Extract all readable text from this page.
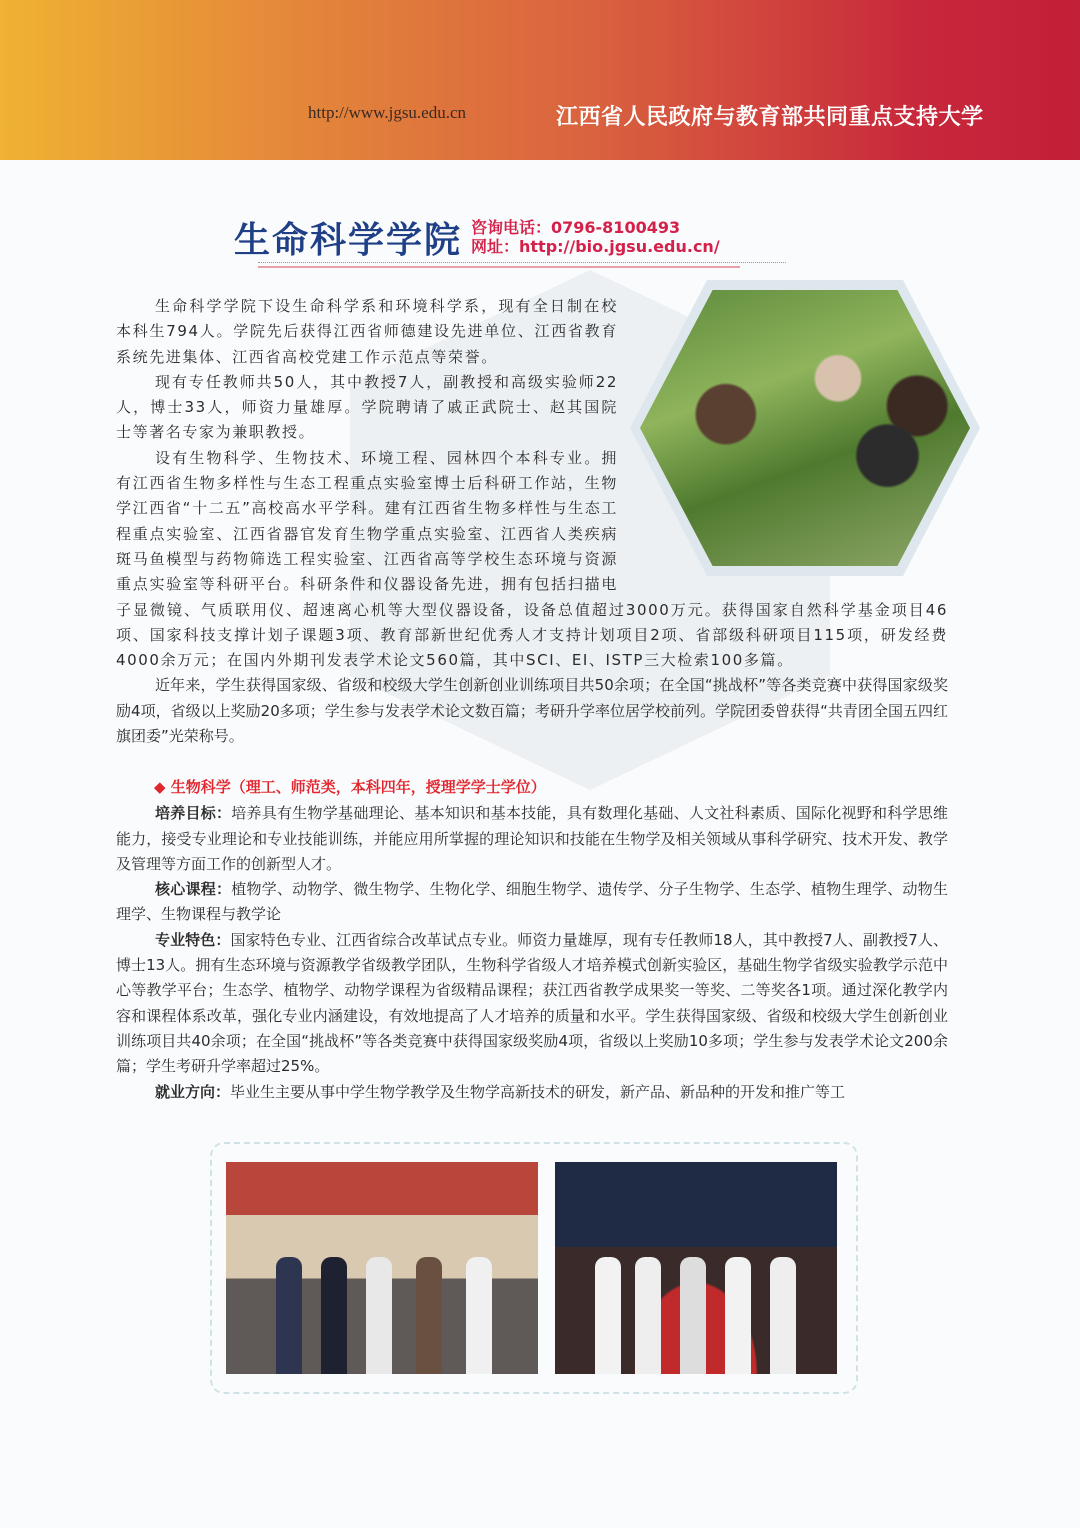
http://www.jgsu.edu.cn	江西省人民政府与教育部共同重点支持大学
生命科学学院 咨询电话：0796-8100493
网址：http://bio.jgsu.edu.cn/

生命科学学院下设生命科学系和环境科学系，现有全日制在校本科生794人。学院先后获得江西省师德建设先进单位、江西省教育系统先进集体、江西省高校党建工作示范点等荣誉。

现有专任教师共50人，其中教授7人，副教授和高级实验师22人，博士33人，师资力量雄厚。学院聘请了戚正武院士、赵其国院士等著名专家为兼职教授。

设有生物科学、生物技术、环境工程、园林四个本科专业。拥有江西省生物多样性与生态工程重点实验室博士后科研工作站，生物学江西省“十二五”高校高水平学科。建有江西省生物多样性与生态工程重点实验室、江西省器官发育生物学重点实验室、江西省人类疾病斑马鱼模型与药物筛选工程实验室、江西省高等学校生态环境与资源重点实验室等科研平台。科研条件和仪器设备先进，拥有包括扫描电子显微镜、气质联用仪、超速离心机等大型仪器设备，设备总值超过3000万元。获得国家自然科学基金项目46项、国家科技支撑计划子课题3项、教育部新世纪优秀人才支持计划项目2项、省部级科研项目115项，研发经费4000余万元；在国内外期刊发表学术论文560篇，其中SCI、EI、ISTP三大检索100多篇。

近年来，学生获得国家级、省级和校级大学生创新创业训练项目共50余项；在全国“挑战杯”等各类竞赛中获得国家级奖励4项，省级以上奖励20多项；学生参与发表学术论文数百篇；考研升学率位居学校前列。学院团委曾获得“共青团全国五四红旗团委”光荣称号。

◆ 生物科学（理工、师范类，本科四年，授理学学士学位）

培养目标：培养具有生物学基础理论、基本知识和基本技能，具有数理化基础、人文社科素质、国际化视野和科学思维能力，接受专业理论和专业技能训练，并能应用所掌握的理论知识和技能在生物学及相关领域从事科学研究、技术开发、教学及管理等方面工作的创新型人才。

核心课程：植物学、动物学、微生物学、生物化学、细胞生物学、遗传学、分子生物学、生态学、植物生理学、动物生理学、生物课程与教学论

专业特色：国家特色专业、江西省综合改革试点专业。师资力量雄厚，现有专任教师18人，其中教授7人、副教授7人、博士13人。拥有生态环境与资源教学省级教学团队，生物科学省级人才培养模式创新实验区，基础生物学省级实验教学示范中心等教学平台；生态学、植物学、动物学课程为省级精品课程；获江西省教学成果奖一等奖、二等奖各1项。通过深化教学内容和课程体系改革，强化专业内涵建设，有效地提高了人才培养的质量和水平。学生获得国家级、省级和校级大学生创新创业训练项目共40余项；在全国“挑战杯”等各类竞赛中获得国家级奖励4项，省级以上奖励10多项；学生参与发表学术论文200余篇；学生考研升学率超过25%。

就业方向：毕业生主要从事中学生物学教学及生物学高新技术的研发，新产品、新品种的开发和推广等工
